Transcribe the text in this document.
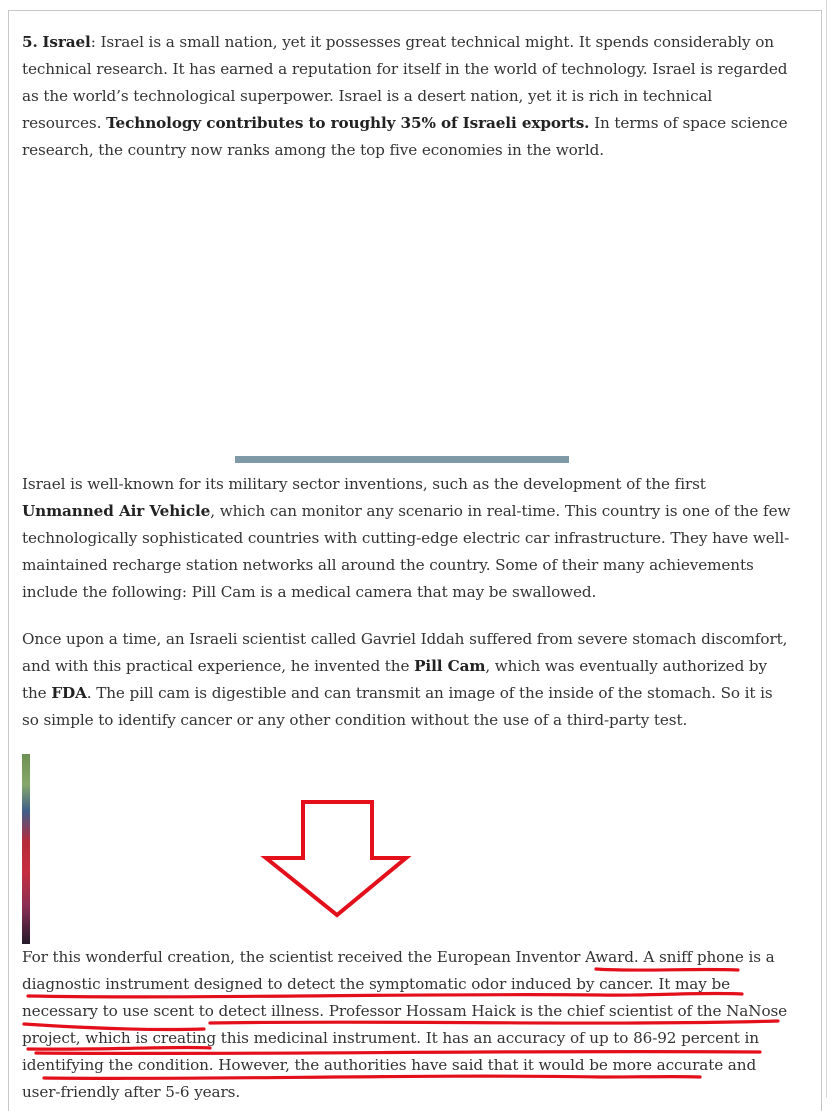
5. Israel: Israel is a small nation, yet it possesses great technical might. It spends considerably on technical research. It has earned a reputation for itself in the world of technology. Israel is regarded as the world’s technological superpower. Israel is a desert nation, yet it is rich in technical resources. Technology contributes to roughly 35% of Israeli exports. In terms of space science research, the country now ranks among the top five economies in the world.

Israel is well-known for its military sector inventions, such as the development of the first Unmanned Air Vehicle, which can monitor any scenario in real-time. This country is one of the few technologically sophisticated countries with cutting-edge electric car infrastructure. They have well-maintained recharge station networks all around the country. Some of their many achievements include the following: Pill Cam is a medical camera that may be swallowed.

Once upon a time, an Israeli scientist called Gavriel Iddah suffered from severe stomach discomfort, and with this practical experience, he invented the Pill Cam, which was eventually authorized by the FDA. The pill cam is digestible and can transmit an image of the inside of the stomach. So it is so simple to identify cancer or any other condition without the use of a third-party test.

For this wonderful creation, the scientist received the European Inventor Award. A sniff phone is a diagnostic instrument designed to detect the symptomatic odor induced by cancer. It may be necessary to use scent to detect illness. Professor Hossam Haick is the chief scientist of the NaNose project, which is creating this medicinal instrument. It has an accuracy of up to 86-92 percent in identifying the condition. However, the authorities have said that it would be more accurate and user-friendly after 5-6 years.
